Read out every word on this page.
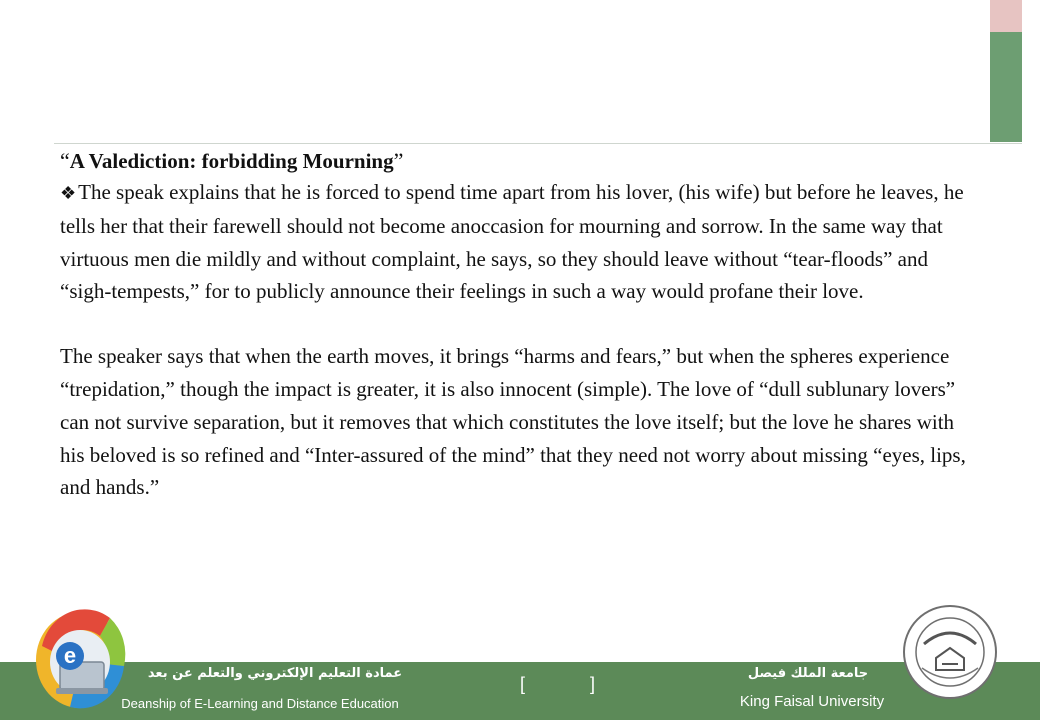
“A Valediction: forbidding Mourning”

❖The speak explains that he is forced to spend time apart from his lover, (his wife) but before he leaves, he tells her that their farewell should not become anoccasion for mourning and sorrow. In the same way that virtuous men die mildly and without complaint, he says, so they should leave without “tear-floods” and “sigh-tempests,” for to publicly announce their feelings in such a way would profane their love.

The speaker says that when the earth moves, it brings “harms and fears,” but when the spheres experience “trepidation,” though the impact is greater, it is also innocent (simple). The love of “dull sublunary lovers” can not survive separation, but it removes that which constitutes the love itself; but the love he shares with his beloved is so refined and “Inter-assured of the mind” that they need not worry about missing “eyes, lips, and hands.”

عمادة التعليم الإلكتروني والتعلم عن بعد
Deanship of E-Learning and Distance Education
[ ]
جامعة الملك فيصل
King Faisal University
e
